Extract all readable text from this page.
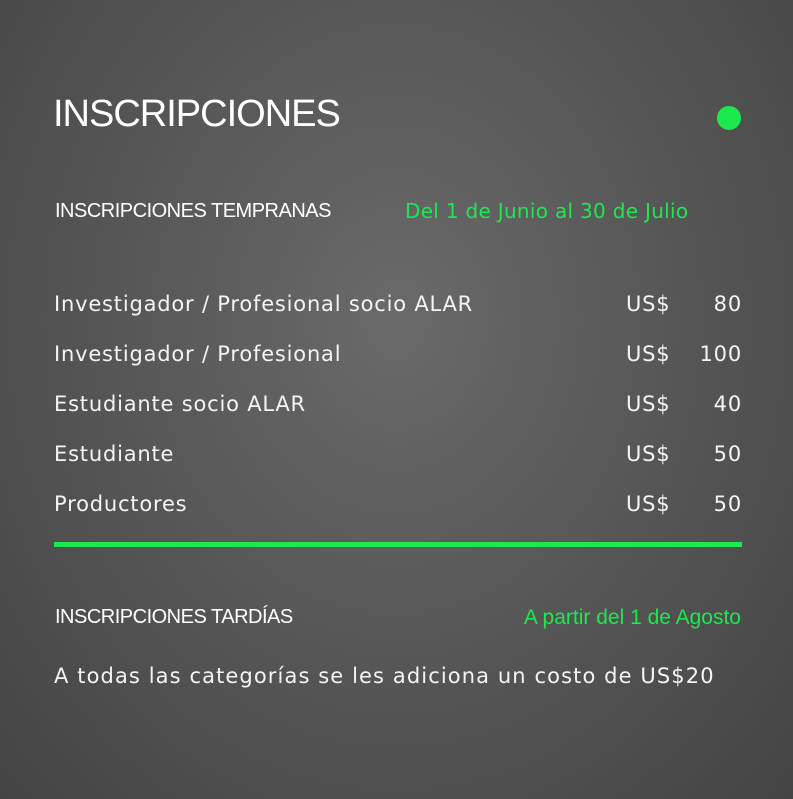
INSCRIPCIONES
INSCRIPCIONES TEMPRANAS	Del 1 de Junio al 30 de Julio
Investigador / Profesional socio ALAR	US$ 80
Investigador / Profesional	US$ 100
Estudiante socio ALAR	US$ 40
Estudiante	US$ 50
Productores	US$ 50
INSCRIPCIONES TARDÍAS	A partir del 1 de Agosto
A todas las categorías se les adiciona un costo de US$20
